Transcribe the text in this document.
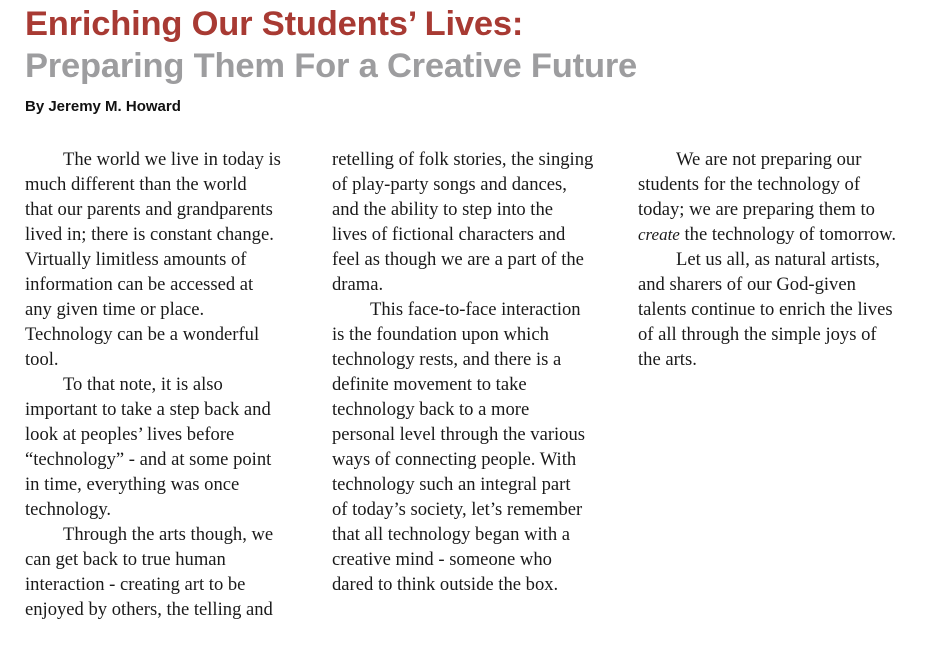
Enriching Our Students’ Lives:
Preparing Them For a Creative Future

By Jeremy M. Howard

The world we live in today is
much different than the world
that our parents and grandparents
lived in; there is constant change.
Virtually limitless amounts of
information can be accessed at
any given time or place.
Technology can be a wonderful
tool.
To that note, it is also
important to take a step back and
look at peoples’ lives before
“technology” - and at some point
in time, everything was once
technology.
Through the arts though, we
can get back to true human
interaction - creating art to be
enjoyed by others, the telling and
retelling of folk stories, the singing
of play-party songs and dances,
and the ability to step into the
lives of fictional characters and
feel as though we are a part of the
drama.
This face-to-face interaction
is the foundation upon which
technology rests, and there is a
definite movement to take
technology back to a more
personal level through the various
ways of connecting people. With
technology such an integral part
of today’s society, let’s remember
that all technology began with a
creative mind - someone who
dared to think outside the box.
We are not preparing our
students for the technology of
today; we are preparing them to
create the technology of tomorrow.
Let us all, as natural artists,
and sharers of our God-given
talents continue to enrich the lives
of all through the simple joys of
the arts.
